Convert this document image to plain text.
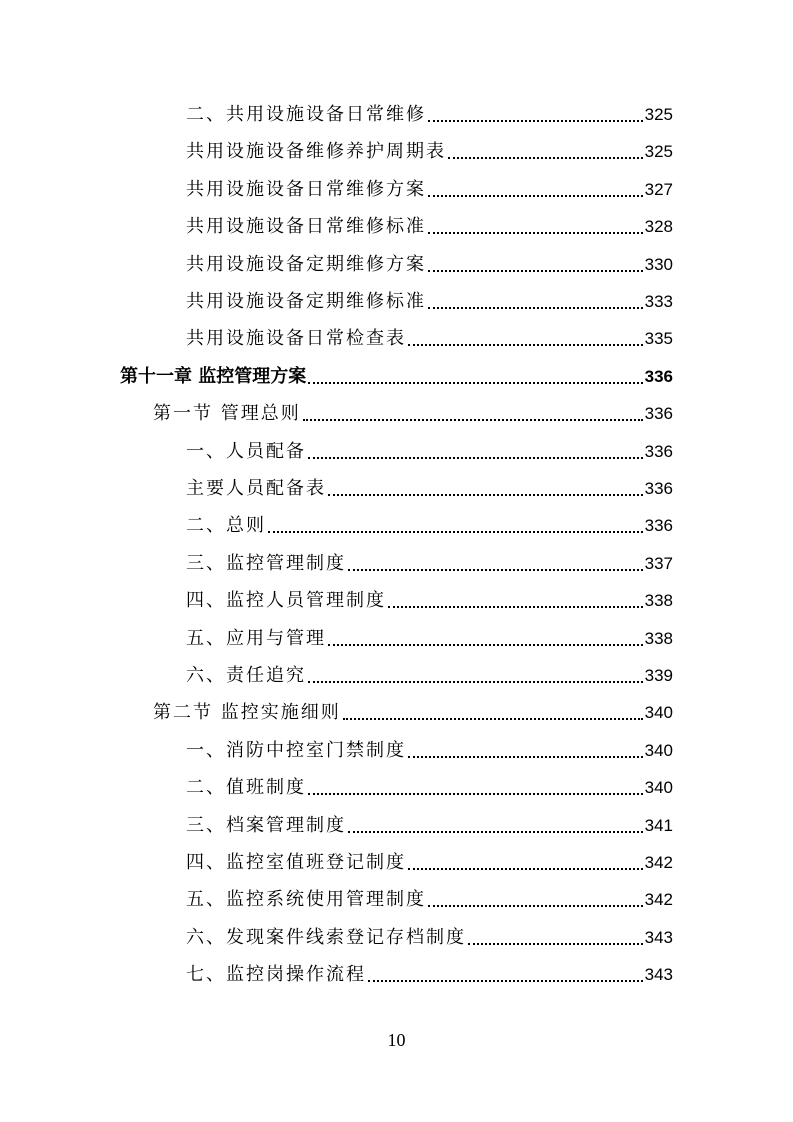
二、共用设施设备日常维修	325
共用设施设备维修养护周期表	325
共用设施设备日常维修方案	327
共用设施设备日常维修标准	328
共用设施设备定期维修方案	330
共用设施设备定期维修标准	333
共用设施设备日常检查表	335
第十一章 监控管理方案	336
第一节 管理总则	336
一、人员配备	336
主要人员配备表	336
二、总则	336
三、监控管理制度	337
四、监控人员管理制度	338
五、应用与管理	338
六、责任追究	339
第二节 监控实施细则	340
一、消防中控室门禁制度	340
二、值班制度	340
三、档案管理制度	341
四、监控室值班登记制度	342
五、监控系统使用管理制度	342
六、发现案件线索登记存档制度	343
七、监控岗操作流程	343
10
